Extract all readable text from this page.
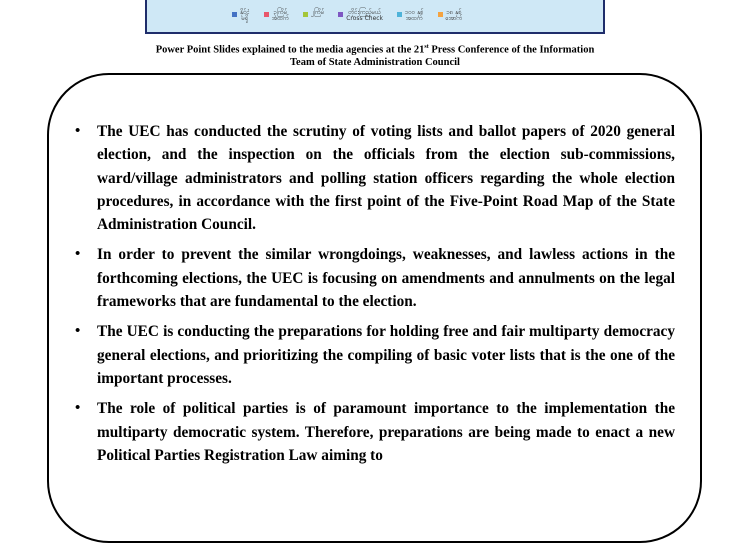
နိုင်ငံ
မရှိ
၃ကြိမ်
အထက်
၂ကြိမ်	တိုင်းကြည့်မယ်
Cross Check
၁၀၀ နှစ်
အထက်
၁၈ နှစ်
အောက်
Power Point Slides explained to the media agencies at the 21st Press Conference of the Information
Team of State Administration Council
• The UEC has conducted the scrutiny of voting lists and ballot papers of 2020 general election, and the inspection on the officials from the election sub-commissions, ward/village administrators and polling station officers regarding the whole election procedures, in accordance with the first point of the Five-Point Road Map of the State Administration Council.
• In order to prevent the similar wrongdoings, weaknesses, and lawless actions in the forthcoming elections, the UEC is focusing on amendments and annulments on the legal frameworks that are fundamental to the election.
• The UEC is conducting the preparations for holding free and fair multiparty democracy general elections, and prioritizing the compiling of basic voter lists that is the one of the important processes.
• The role of political parties is of paramount importance to the implementation the multiparty democratic system. Therefore, preparations are being made to enact a new Political Parties Registration Law aiming to
